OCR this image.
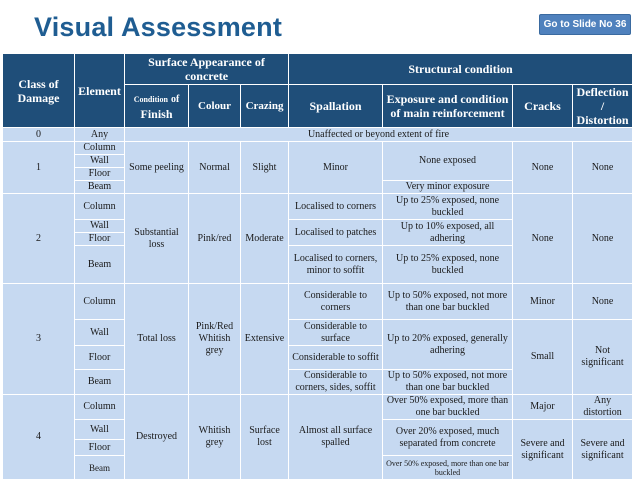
Visual Assessment	Go to Slide No 36
Class of Damage	Element	Surface Appearance of concrete			Structural condition			
		Condition of
Finish	Colour	Crazing	Spallation	Exposure and condition of main reinforcement	Cracks	Deflection / Distortion
0	Any	Unaffected or beyond extent of fire						
1	Column	Some peeling	Normal	Slight	Minor	None exposed	None	None
	Wall							
	Floor							
	Beam					Very minor exposure		
2	Column	Substantial loss	Pink/red	Moderate	Localised to corners	Up to 25% exposed, none buckled	None	None
	Wall				Localised to patches	Up to 10% exposed, all adhering		
	Floor							
	Beam				Localised to corners, minor to soffit	Up to 25% exposed, none buckled		
3	Column	Total loss	Pink/Red Whitish grey	Extensive	Considerable to corners	Up to 50% exposed, not more than one bar buckled	Minor	None
	Wall				Considerable to surface	Up to 20% exposed, generally adhering	Small	Not significant
	Floor				Considerable to soffit			
	Beam				Considerable to corners, sides, soffit	Up to 50% exposed, not more than one bar buckled		
4	Column	Destroyed	Whitish grey	Surface lost	Almost all surface spalled	Over 50% exposed, more than one bar buckled	Major	Any distortion
	Wall					Over 20% exposed, much separated from concrete	Severe and significant	Severe and significant
	Floor							
	Beam					Over 50% exposed, more than one bar buckled		
